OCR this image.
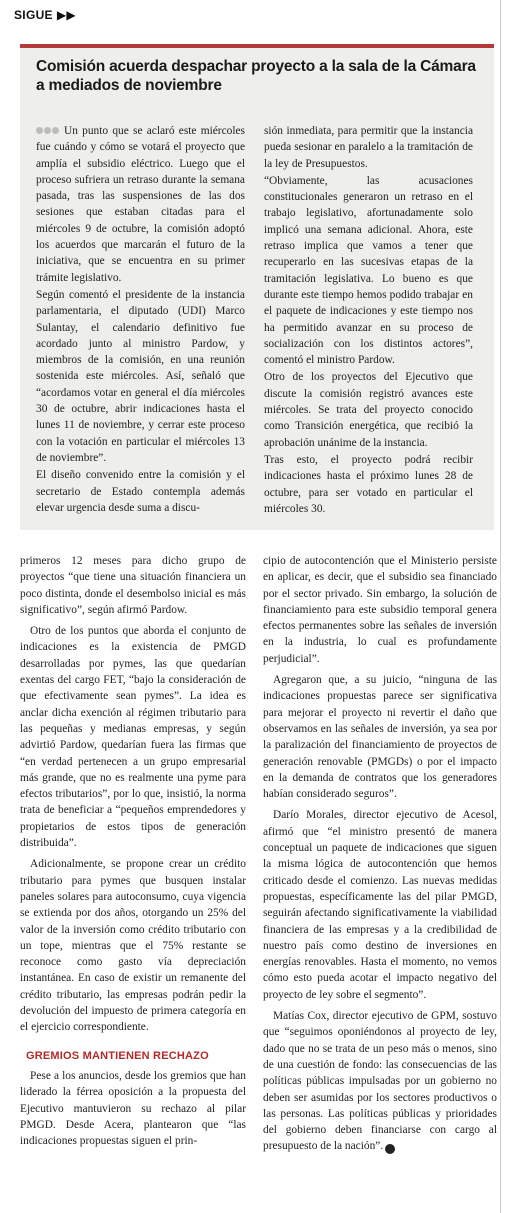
SIGUE ▶▶
Comisión acuerda despachar proyecto a la sala de la Cámara a mediados de noviembre

Un punto que se aclaró este miércoles fue cuándo y cómo se votará el proyecto que amplía el subsidio eléctrico. Luego que el proceso sufriera un retraso durante la semana pasada, tras las suspensiones de las dos sesiones que estaban citadas para el miércoles 9 de octubre, la comisión adoptó los acuerdos que marcarán el futuro de la iniciativa, que se encuentra en su primer trámite legislativo.

Según comentó el presidente de la instancia parlamentaria, el diputado (UDI) Marco Sulantay, el calendario definitivo fue acordado junto al ministro Pardow, y miembros de la comisión, en una reunión sostenida este miércoles. Así, señaló que “acordamos votar en general el día miércoles 30 de octubre, abrir indicaciones hasta el lunes 11 de noviembre, y cerrar este proceso con la votación en particular el miércoles 13 de noviembre”.

El diseño convenido entre la comisión y el secretario de Estado contempla además elevar urgencia desde suma a discu-

sión inmediata, para permitir que la instancia pueda sesionar en paralelo a la tramitación de la ley de Presupuestos.

“Obviamente, las acusaciones constitucionales generaron un retraso en el trabajo legislativo, afortunadamente solo implicó una semana adicional. Ahora, este retraso implica que vamos a tener que recuperarlo en las sucesivas etapas de la tramitación legislativa. Lo bueno es que durante este tiempo hemos podido trabajar en el paquete de indicaciones y este tiempo nos ha permitido avanzar en su proceso de socialización con los distintos actores”, comentó el ministro Pardow.

Otro de los proyectos del Ejecutivo que discute la comisión registró avances este miércoles. Se trata del proyecto conocido como Transición energética, que recibió la aprobación unánime de la instancia.

Tras esto, el proyecto podrá recibir indicaciones hasta el próximo lunes 28 de octubre, para ser votado en particular el miércoles 30.

primeros 12 meses para dicho grupo de proyectos “que tiene una situación financiera un poco distinta, donde el desembolso inicial es más significativo”, según afirmó Pardow.

Otro de los puntos que aborda el conjunto de indicaciones es la existencia de PMGD desarrolladas por pymes, las que quedarían exentas del cargo FET, “bajo la consideración de que efectivamente sean pymes”. La idea es anclar dicha exención al régimen tributario para las pequeñas y medianas empresas, y según advirtió Pardow, quedarían fuera las firmas que “en verdad pertenecen a un grupo empresarial más grande, que no es realmente una pyme para efectos tributarios”, por lo que, insistió, la norma trata de beneficiar a “pequeños emprendedores y propietarios de estos tipos de generación distribuida”.

Adicionalmente, se propone crear un crédito tributario para pymes que busquen instalar paneles solares para autoconsumo, cuya vigencia se extienda por dos años, otorgando un 25% del valor de la inversión como crédito tributario con un tope, mientras que el 75% restante se reconoce como gasto vía depreciación instantánea. En caso de existir un remanente del crédito tributario, las empresas podrán pedir la devolución del impuesto de primera categoría en el ejercicio correspondiente.

GREMIOS MANTIENEN RECHAZO

Pese a los anuncios, desde los gremios que han liderado la férrea oposición a la propuesta del Ejecutivo mantuvieron su rechazo al pilar PMGD. Desde Acera, plantearon que “las indicaciones propuestas siguen el prin-

cipio de autocontención que el Ministerio persiste en aplicar, es decir, que el subsidio sea financiado por el sector privado. Sin embargo, la solución de financiamiento para este subsidio temporal genera efectos permanentes sobre las señales de inversión en la industria, lo cual es profundamente perjudicial”.

Agregaron que, a su juicio, “ninguna de las indicaciones propuestas parece ser significativa para mejorar el proyecto ni revertir el daño que observamos en las señales de inversión, ya sea por la paralización del financiamiento de proyectos de generación renovable (PMGDs) o por el impacto en la demanda de contratos que los generadores habían considerado seguros”.

Darío Morales, director ejecutivo de Acesol, afirmó que “el ministro presentó de manera conceptual un paquete de indicaciones que siguen la misma lógica de autocontención que hemos criticado desde el comienzo. Las nuevas medidas propuestas, específicamente las del pilar PMGD, seguirán afectando significativamente la viabilidad financiera de las empresas y a la credibilidad de nuestro país como destino de inversiones en energías renovables. Hasta el momento, no vemos cómo esto pueda acotar el impacto negativo del proyecto de ley sobre el segmento”.

Matías Cox, director ejecutivo de GPM, sostuvo que “seguimos oponiéndonos al proyecto de ley, dado que no se trata de un peso más o menos, sino de una cuestión de fondo: las consecuencias de las políticas públicas impulsadas por un gobierno no deben ser asumidas por los sectores productivos o las personas. Las políticas públicas y prioridades del gobierno deben financiarse con cargo al presupuesto de la nación”. P
